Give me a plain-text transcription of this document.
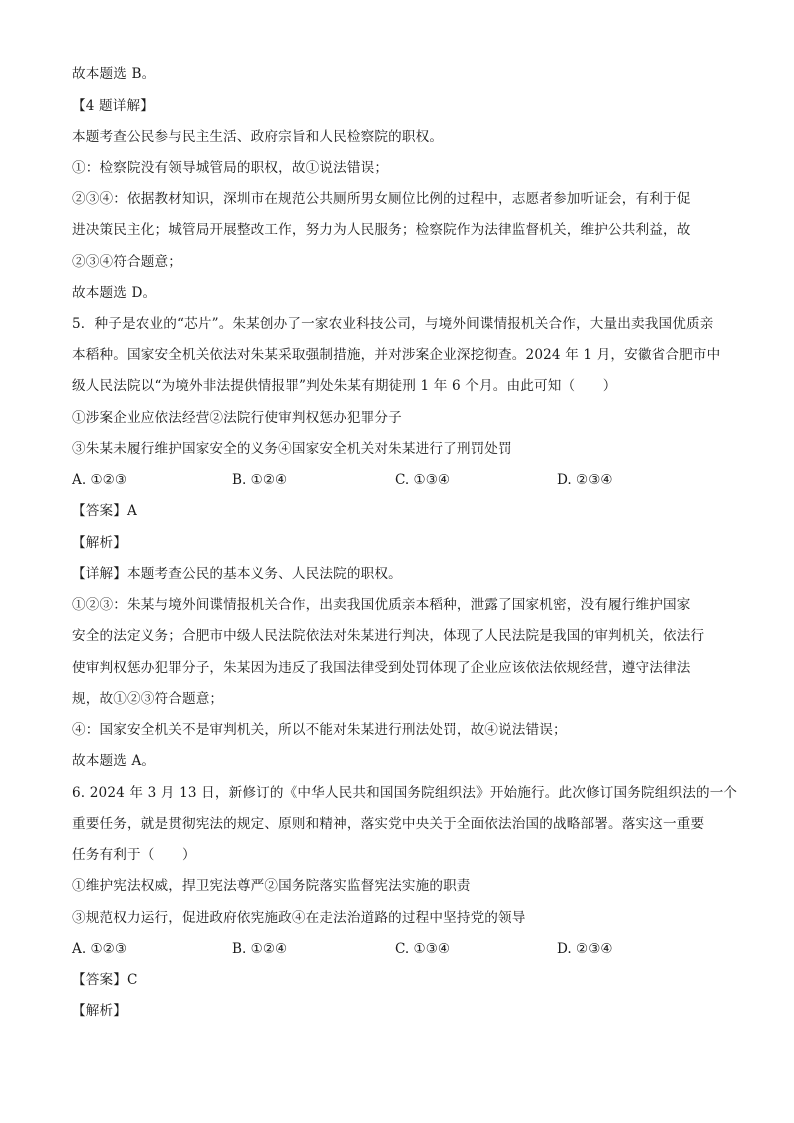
故本题选 B。
【4 题详解】
本题考查公民参与民主生活、政府宗旨和人民检察院的职权。
①：检察院没有领导城管局的职权，故①说法错误；
②③④：依据教材知识，深圳市在规范公共厕所男女厕位比例的过程中，志愿者参加听证会，有利于促
进决策民主化；城管局开展整改工作，努力为人民服务；检察院作为法律监督机关，维护公共利益，故
②③④符合题意；
故本题选 D。
5．种子是农业的“芯片”。朱某创办了一家农业科技公司，与境外间谍情报机关合作，大量出卖我国优质亲
本稻种。国家安全机关依法对朱某采取强制措施，并对涉案企业深挖彻查。2024 年 1 月，安徽省合肥市中
级人民法院以“为境外非法提供情报罪”判处朱某有期徒刑 1 年 6 个月。由此可知（　　）
①涉案企业应依法经营②法院行使审判权惩办犯罪分子
③朱某未履行维护国家安全的义务④国家安全机关对朱某进行了刑罚处罚
A. ①②③	B. ①②④	C. ①③④	D. ②③④
【答案】A
【解析】
【详解】本题考查公民的基本义务、人民法院的职权。
①②③：朱某与境外间谍情报机关合作，出卖我国优质亲本稻种，泄露了国家机密，没有履行维护国家
安全的法定义务；合肥市中级人民法院依法对朱某进行判决，体现了人民法院是我国的审判机关，依法行
使审判权惩办犯罪分子，朱某因为违反了我国法律受到处罚体现了企业应该依法依规经营，遵守法律法
规，故①②③符合题意；
④：国家安全机关不是审判机关，所以不能对朱某进行刑法处罚，故④说法错误；
故本题选 A。
6. 2024 年 3 月 13 日，新修订的《中华人民共和国国务院组织法》开始施行。此次修订国务院组织法的一个
重要任务，就是贯彻宪法的规定、原则和精神，落实党中央关于全面依法治国的战略部署。落实这一重要
任务有利于（　　）
①维护宪法权威，捍卫宪法尊严②国务院落实监督宪法实施的职责
③规范权力运行，促进政府依宪施政④在走法治道路的过程中坚持党的领导
A. ①②③	B. ①②④	C. ①③④	D. ②③④
【答案】C
【解析】
